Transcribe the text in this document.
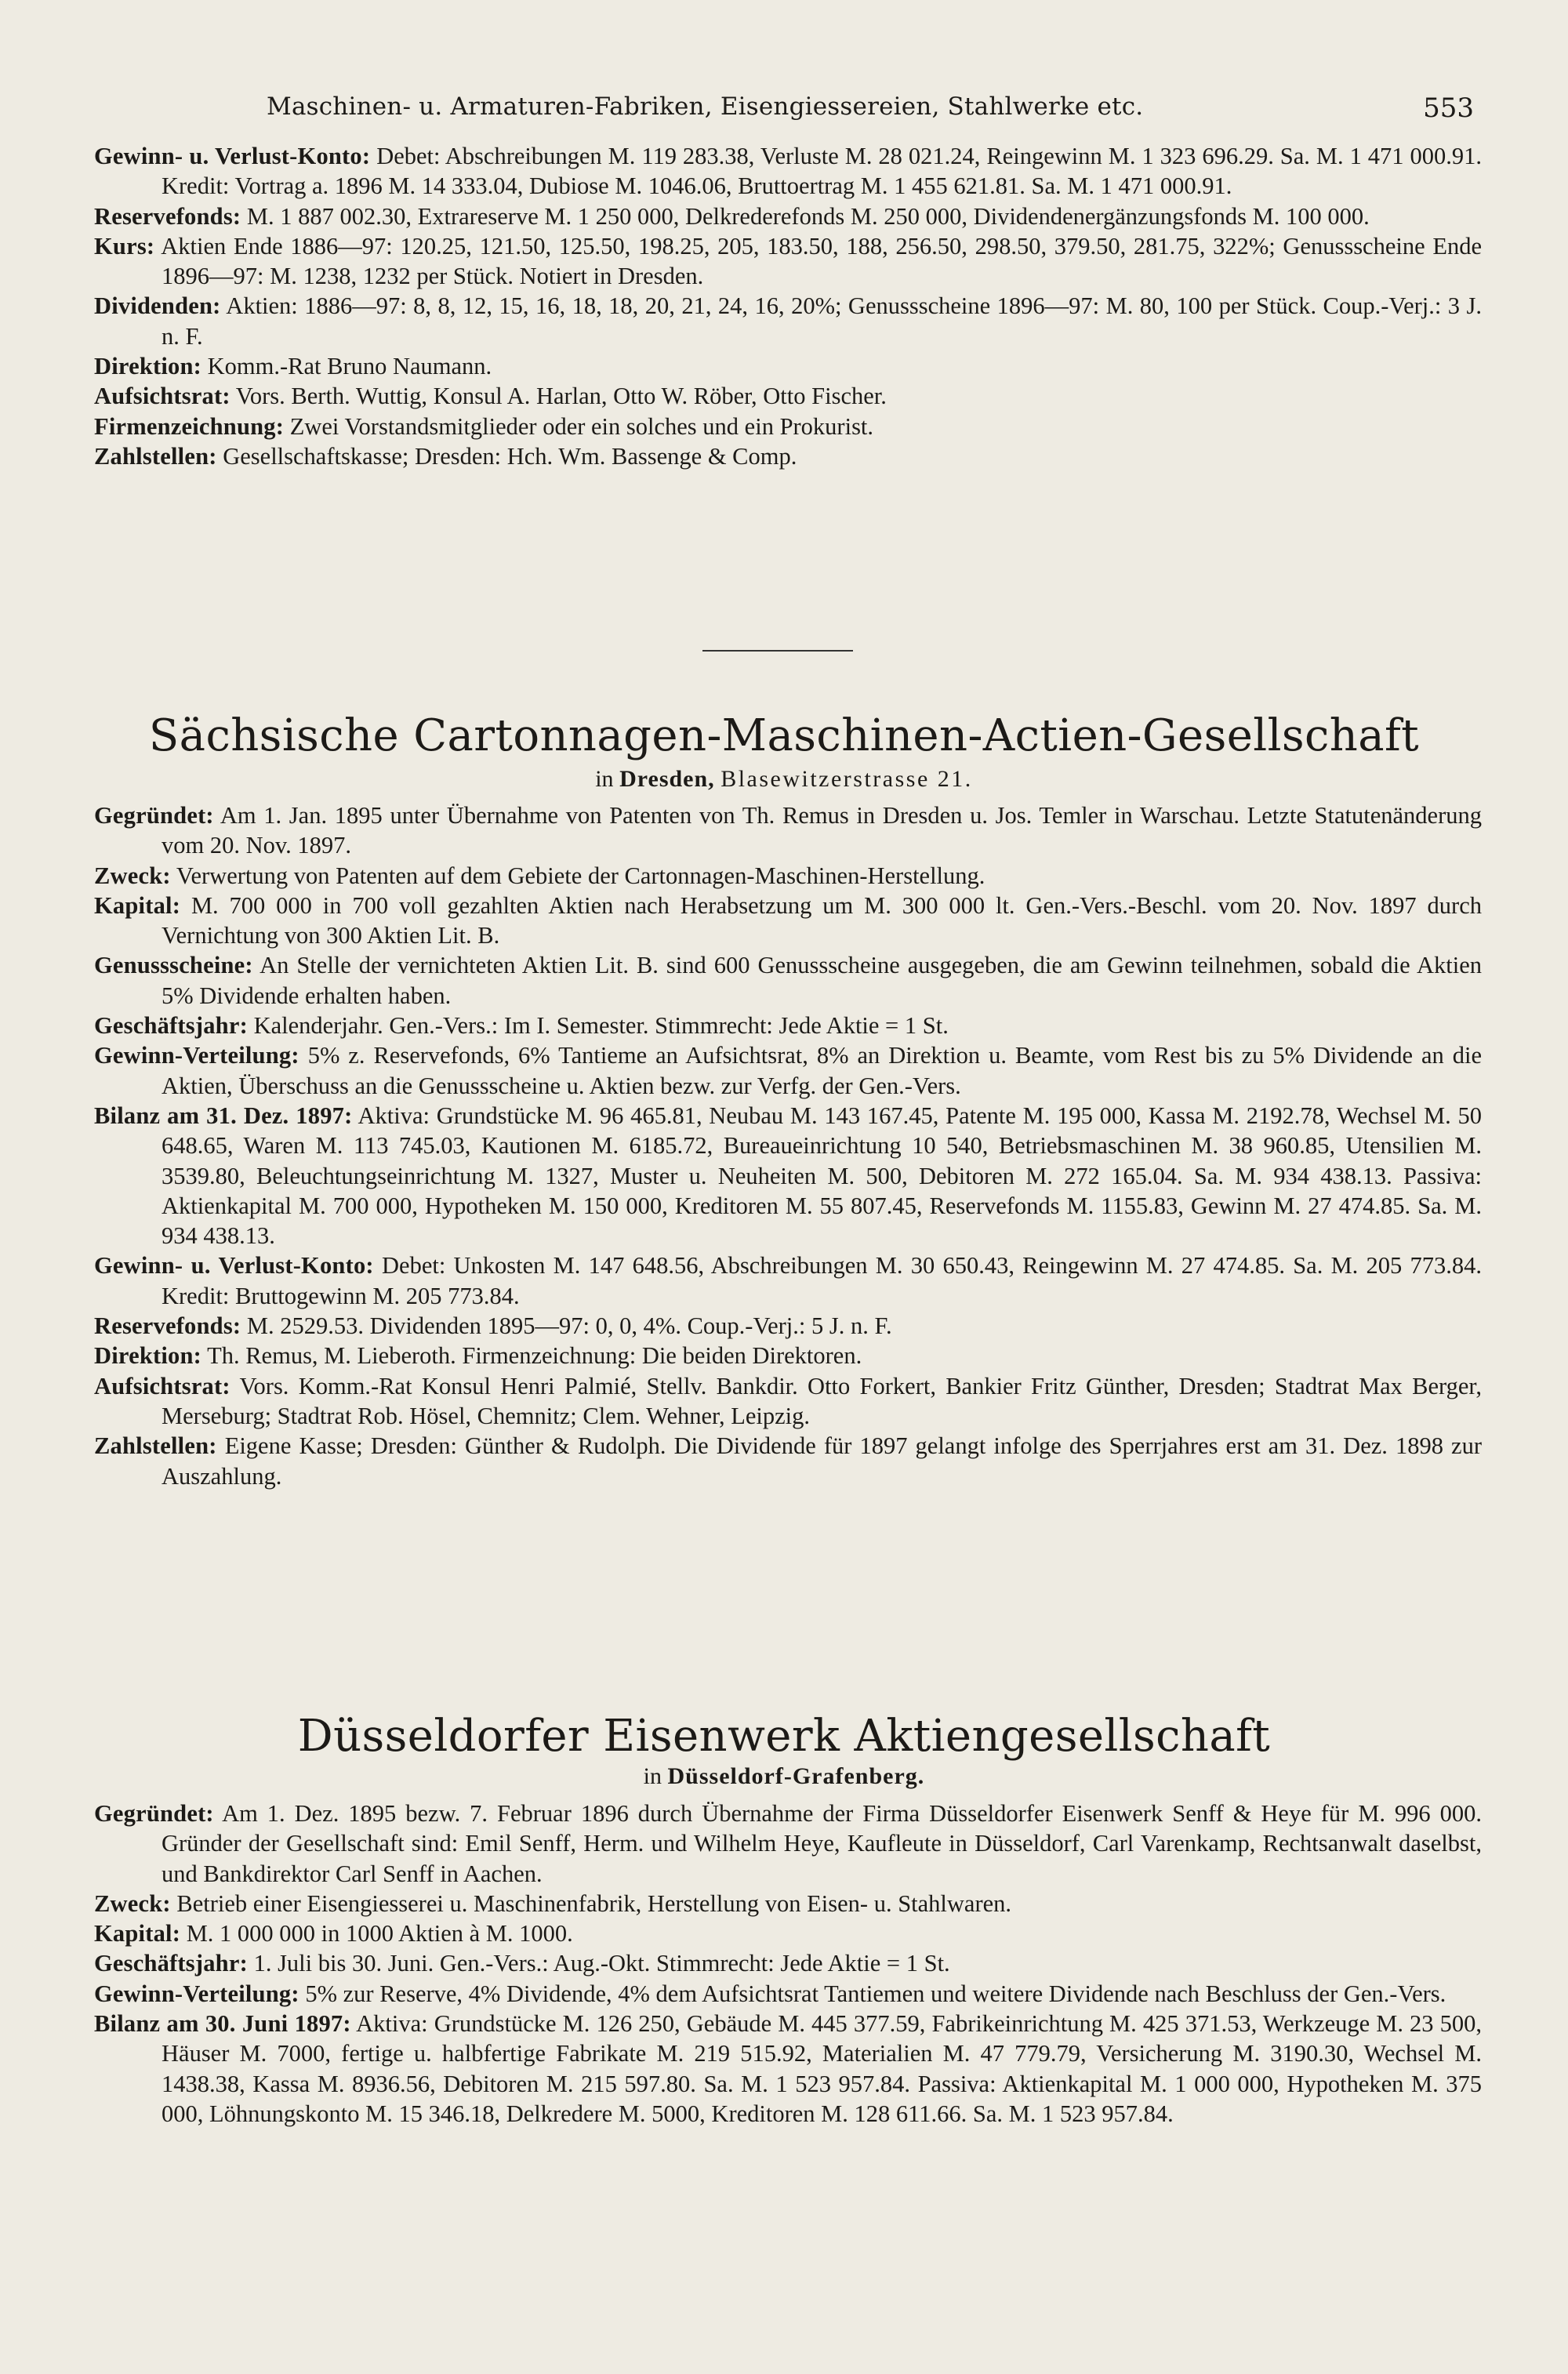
Maschinen- u. Armaturen-Fabriken, Eisengiessereien, Stahlwerke etc.	553
Gewinn- u. Verlust-Konto: Debet: Abschreibungen M. 119 283.38, Verluste M. 28 021.24, Reingewinn M. 1 323 696.29. Sa. M. 1 471 000.91. Kredit: Vortrag a. 1896 M. 14 333.04, Dubiose M. 1046.06, Bruttoertrag M. 1 455 621.81. Sa. M. 1 471 000.91.
Reservefonds: M. 1 887 002.30, Extrareserve M. 1 250 000, Delkrederefonds M. 250 000, Dividendenergänzungsfonds M. 100 000.
Kurs: Aktien Ende 1886—97: 120.25, 121.50, 125.50, 198.25, 205, 183.50, 188, 256.50, 298.50, 379.50, 281.75, 322%; Genussscheine Ende 1896—97: M. 1238, 1232 per Stück. Notiert in Dresden.
Dividenden: Aktien: 1886—97: 8, 8, 12, 15, 16, 18, 18, 20, 21, 24, 16, 20%; Genussscheine 1896—97: M. 80, 100 per Stück. Coup.-Verj.: 3 J. n. F.
Direktion: Komm.-Rat Bruno Naumann.
Aufsichtsrat: Vors. Berth. Wuttig, Konsul A. Harlan, Otto W. Röber, Otto Fischer.
Firmenzeichnung: Zwei Vorstandsmitglieder oder ein solches und ein Prokurist.
Zahlstellen: Gesellschaftskasse; Dresden: Hch. Wm. Bassenge & Comp.
Sächsische Cartonnagen-Maschinen-Actien-Gesellschaft
in Dresden, Blasewitzerstrasse 21.
Gegründet: Am 1. Jan. 1895 unter Übernahme von Patenten von Th. Remus in Dresden u. Jos. Temler in Warschau. Letzte Statutenänderung vom 20. Nov. 1897.
Zweck: Verwertung von Patenten auf dem Gebiete der Cartonnagen-Maschinen-Herstellung.
Kapital: M. 700 000 in 700 voll gezahlten Aktien nach Herabsetzung um M. 300 000 lt. Gen.-Vers.-Beschl. vom 20. Nov. 1897 durch Vernichtung von 300 Aktien Lit. B.
Genussscheine: An Stelle der vernichteten Aktien Lit. B. sind 600 Genussscheine ausgegeben, die am Gewinn teilnehmen, sobald die Aktien 5% Dividende erhalten haben.
Geschäftsjahr: Kalenderjahr. Gen.-Vers.: Im I. Semester. Stimmrecht: Jede Aktie = 1 St.
Gewinn-Verteilung: 5% z. Reservefonds, 6% Tantieme an Aufsichtsrat, 8% an Direktion u. Beamte, vom Rest bis zu 5% Dividende an die Aktien, Überschuss an die Genussscheine u. Aktien bezw. zur Verfg. der Gen.-Vers.
Bilanz am 31. Dez. 1897: Aktiva: Grundstücke M. 96 465.81, Neubau M. 143 167.45, Patente M. 195 000, Kassa M. 2192.78, Wechsel M. 50 648.65, Waren M. 113 745.03, Kautionen M. 6185.72, Bureaueinrichtung 10 540, Betriebsmaschinen M. 38 960.85, Utensilien M. 3539.80, Beleuchtungseinrichtung M. 1327, Muster u. Neuheiten M. 500, Debitoren M. 272 165.04. Sa. M. 934 438.13. Passiva: Aktienkapital M. 700 000, Hypotheken M. 150 000, Kreditoren M. 55 807.45, Reservefonds M. 1155.83, Gewinn M. 27 474.85. Sa. M. 934 438.13.
Gewinn- u. Verlust-Konto: Debet: Unkosten M. 147 648.56, Abschreibungen M. 30 650.43, Reingewinn M. 27 474.85. Sa. M. 205 773.84. Kredit: Bruttogewinn M. 205 773.84.
Reservefonds: M. 2529.53. Dividenden 1895—97: 0, 0, 4%. Coup.-Verj.: 5 J. n. F.
Direktion: Th. Remus, M. Lieberoth. Firmenzeichnung: Die beiden Direktoren.
Aufsichtsrat: Vors. Komm.-Rat Konsul Henri Palmié, Stellv. Bankdir. Otto Forkert, Bankier Fritz Günther, Dresden; Stadtrat Max Berger, Merseburg; Stadtrat Rob. Hösel, Chemnitz; Clem. Wehner, Leipzig.
Zahlstellen: Eigene Kasse; Dresden: Günther & Rudolph. Die Dividende für 1897 gelangt infolge des Sperrjahres erst am 31. Dez. 1898 zur Auszahlung.
Düsseldorfer Eisenwerk Aktiengesellschaft
in Düsseldorf-Grafenberg.
Gegründet: Am 1. Dez. 1895 bezw. 7. Februar 1896 durch Übernahme der Firma Düsseldorfer Eisenwerk Senff & Heye für M. 996 000. Gründer der Gesellschaft sind: Emil Senff, Herm. und Wilhelm Heye, Kaufleute in Düsseldorf, Carl Varenkamp, Rechtsanwalt daselbst, und Bankdirektor Carl Senff in Aachen.
Zweck: Betrieb einer Eisengiesserei u. Maschinenfabrik, Herstellung von Eisen- u. Stahlwaren.
Kapital: M. 1 000 000 in 1000 Aktien à M. 1000.
Geschäftsjahr: 1. Juli bis 30. Juni. Gen.-Vers.: Aug.-Okt. Stimmrecht: Jede Aktie = 1 St.
Gewinn-Verteilung: 5% zur Reserve, 4% Dividende, 4% dem Aufsichtsrat Tantiemen und weitere Dividende nach Beschluss der Gen.-Vers.
Bilanz am 30. Juni 1897: Aktiva: Grundstücke M. 126 250, Gebäude M. 445 377.59, Fabrikeinrichtung M. 425 371.53, Werkzeuge M. 23 500, Häuser M. 7000, fertige u. halbfertige Fabrikate M. 219 515.92, Materialien M. 47 779.79, Versicherung M. 3190.30, Wechsel M. 1438.38, Kassa M. 8936.56, Debitoren M. 215 597.80. Sa. M. 1 523 957.84. Passiva: Aktienkapital M. 1 000 000, Hypotheken M. 375 000, Löhnungskonto M. 15 346.18, Delkredere M. 5000, Kreditoren M. 128 611.66. Sa. M. 1 523 957.84.
